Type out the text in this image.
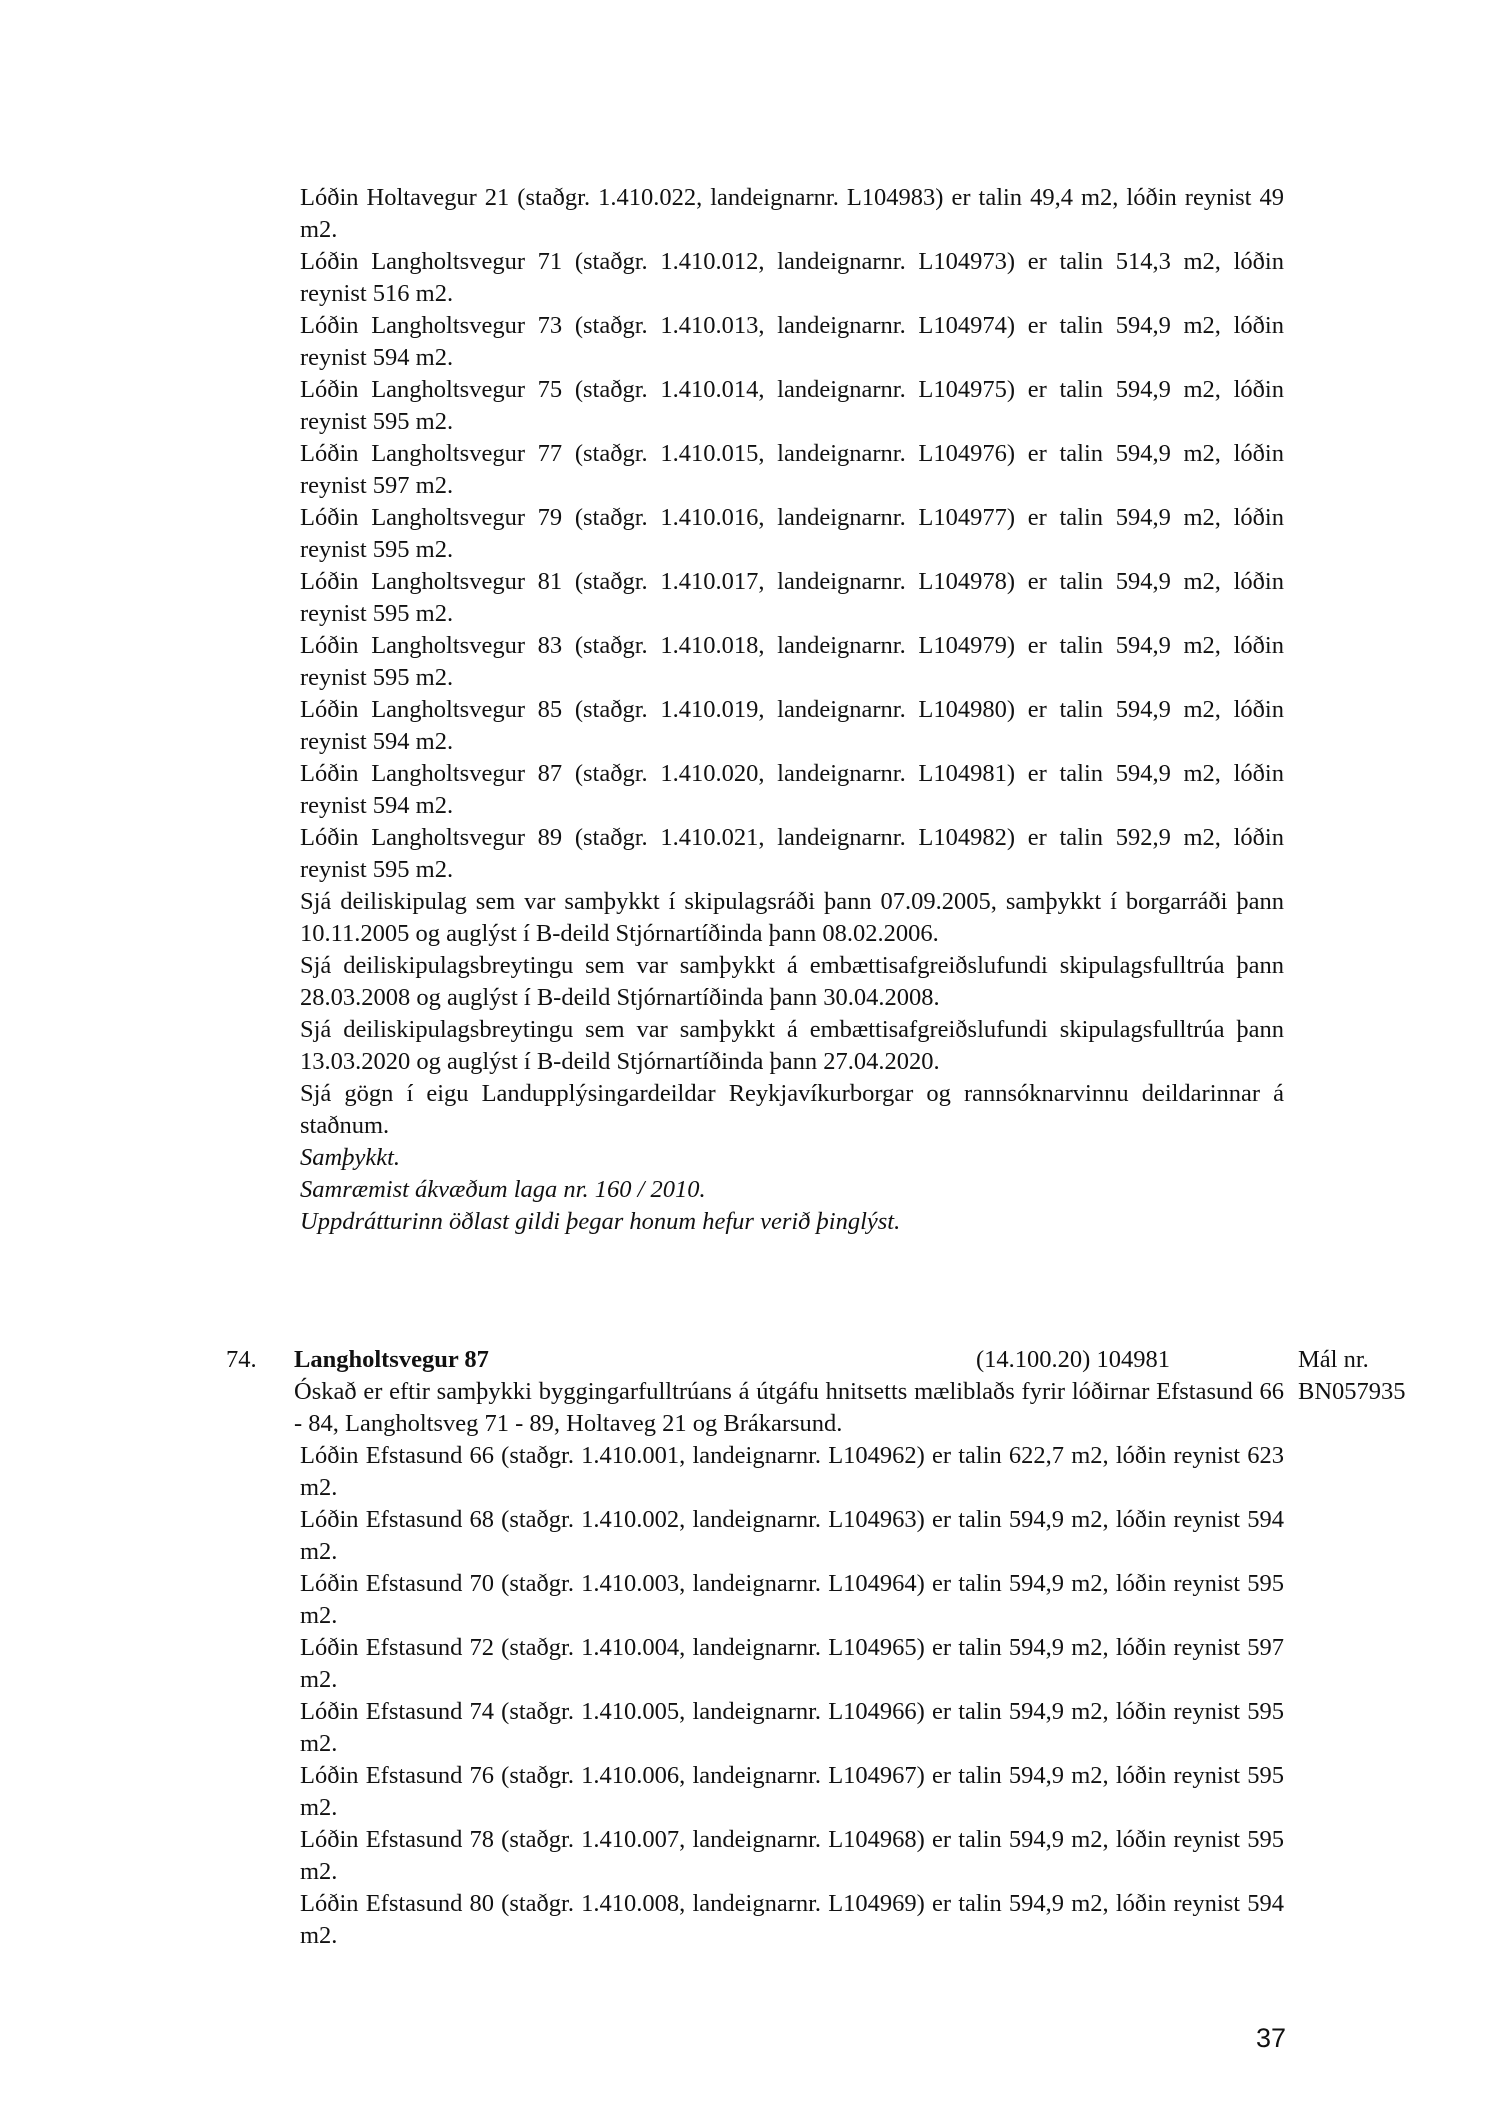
Lóðin Holtavegur 21 (staðgr. 1.410.022, landeignarnr. L104983) er talin 49,4 m2, lóðin reynist 49 m2.

Lóðin Langholtsvegur 71 (staðgr. 1.410.012, landeignarnr. L104973) er talin 514,3 m2, lóðin reynist 516 m2.

Lóðin Langholtsvegur 73 (staðgr. 1.410.013, landeignarnr. L104974) er talin 594,9 m2, lóðin reynist 594 m2.

Lóðin Langholtsvegur 75 (staðgr. 1.410.014, landeignarnr. L104975) er talin 594,9 m2, lóðin reynist 595 m2.

Lóðin Langholtsvegur 77 (staðgr. 1.410.015, landeignarnr. L104976) er talin 594,9 m2, lóðin reynist 597 m2.

Lóðin Langholtsvegur 79 (staðgr. 1.410.016, landeignarnr. L104977) er talin 594,9 m2, lóðin reynist 595 m2.

Lóðin Langholtsvegur 81 (staðgr. 1.410.017, landeignarnr. L104978) er talin 594,9 m2, lóðin reynist 595 m2.

Lóðin Langholtsvegur 83 (staðgr. 1.410.018, landeignarnr. L104979) er talin 594,9 m2, lóðin reynist 595 m2.

Lóðin Langholtsvegur 85 (staðgr. 1.410.019, landeignarnr. L104980) er talin 594,9 m2, lóðin reynist 594 m2.

Lóðin Langholtsvegur 87 (staðgr. 1.410.020, landeignarnr. L104981) er talin 594,9 m2, lóðin reynist 594 m2.

Lóðin Langholtsvegur 89 (staðgr. 1.410.021, landeignarnr. L104982) er talin 592,9 m2, lóðin reynist 595 m2.

Sjá deiliskipulag sem var samþykkt í skipulagsráði þann 07.09.2005, samþykkt í borgarráði þann 10.11.2005 og auglýst í B-deild Stjórnartíðinda þann 08.02.2006.

Sjá deiliskipulagsbreytingu sem var samþykkt á embættisafgreiðslufundi skipulagsfulltrúa þann 28.03.2008 og auglýst í B-deild Stjórnartíðinda þann 30.04.2008.

Sjá deiliskipulagsbreytingu sem var samþykkt á embættisafgreiðslufundi skipulagsfulltrúa þann 13.03.2020 og auglýst í B-deild Stjórnartíðinda þann 27.04.2020.

Sjá gögn í eigu Landupplýsingardeildar Reykjavíkurborgar og rannsóknarvinnu deildarinnar á staðnum.

Samþykkt.

Samræmist ákvæðum laga nr. 160 / 2010.

Uppdrátturinn öðlast gildi þegar honum hefur verið þinglýst.

74. Langholtsvegur 87	(14.100.20) 104981	Mál nr. BN057935

Óskað er eftir samþykki byggingarfulltrúans á útgáfu hnitsetts mæliblaðs fyrir lóðirnar Efstasund 66 - 84, Langholtsveg 71 - 89, Holtaveg 21 og Brákarsund.

Lóðin Efstasund 66 (staðgr. 1.410.001, landeignarnr. L104962) er talin 622,7 m2, lóðin reynist 623 m2.

Lóðin Efstasund 68 (staðgr. 1.410.002, landeignarnr. L104963) er talin 594,9 m2, lóðin reynist 594 m2.

Lóðin Efstasund 70 (staðgr. 1.410.003, landeignarnr. L104964) er talin 594,9 m2, lóðin reynist 595 m2.

Lóðin Efstasund 72 (staðgr. 1.410.004, landeignarnr. L104965) er talin 594,9 m2, lóðin reynist 597 m2.

Lóðin Efstasund 74 (staðgr. 1.410.005, landeignarnr. L104966) er talin 594,9 m2, lóðin reynist 595 m2.

Lóðin Efstasund 76 (staðgr. 1.410.006, landeignarnr. L104967) er talin 594,9 m2, lóðin reynist 595 m2.

Lóðin Efstasund 78 (staðgr. 1.410.007, landeignarnr. L104968) er talin 594,9 m2, lóðin reynist 595 m2.

Lóðin Efstasund 80 (staðgr. 1.410.008, landeignarnr. L104969) er talin 594,9 m2, lóðin reynist 594 m2.

37
